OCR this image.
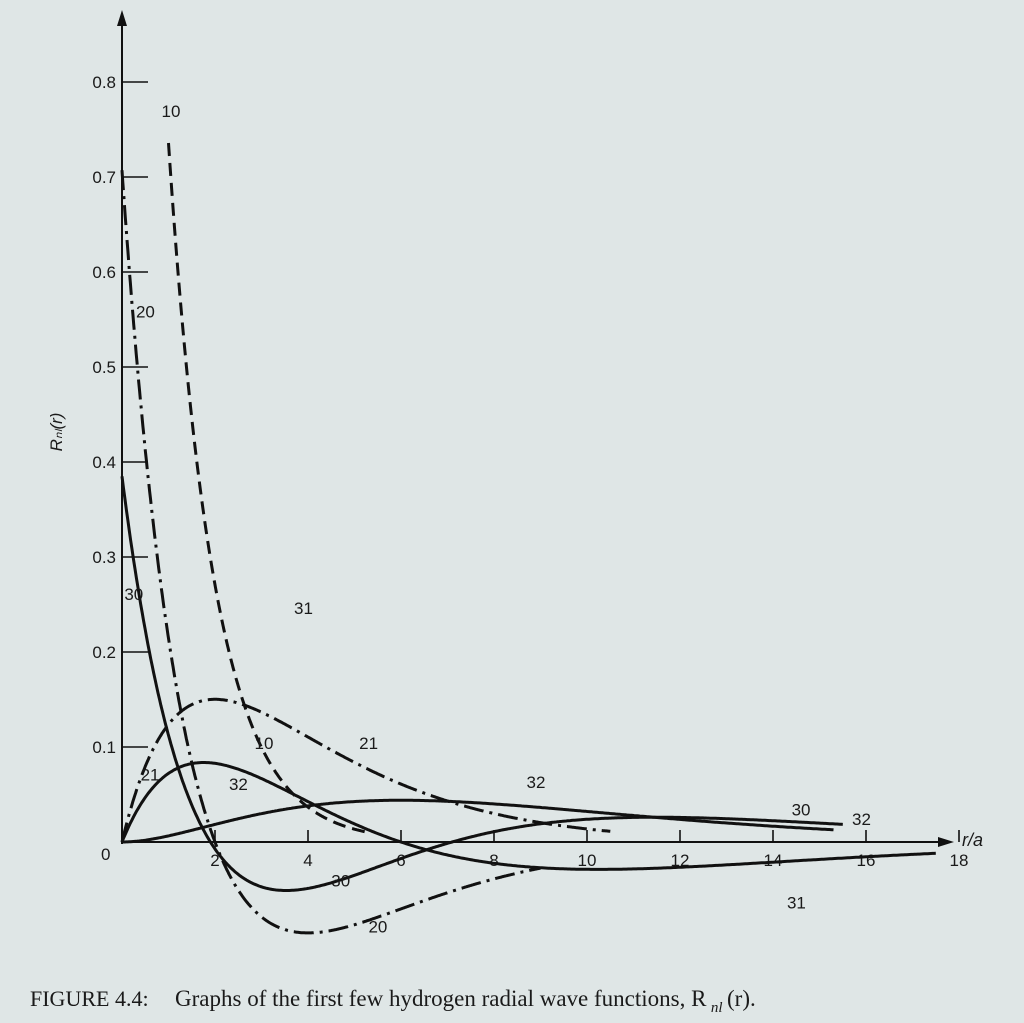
0.1
0.2
0.3
0.4
0.5
0.6
0.7
0.8
2	4	6	8	10	12	14	16	18
10
20
30
31
10
21	32
21
32
30 32
30
31
20
Rₙₗ(r)
r/a
0
FIGURE 4.4: Graphs of the first few hydrogen radial wave functions, R nl (r).
